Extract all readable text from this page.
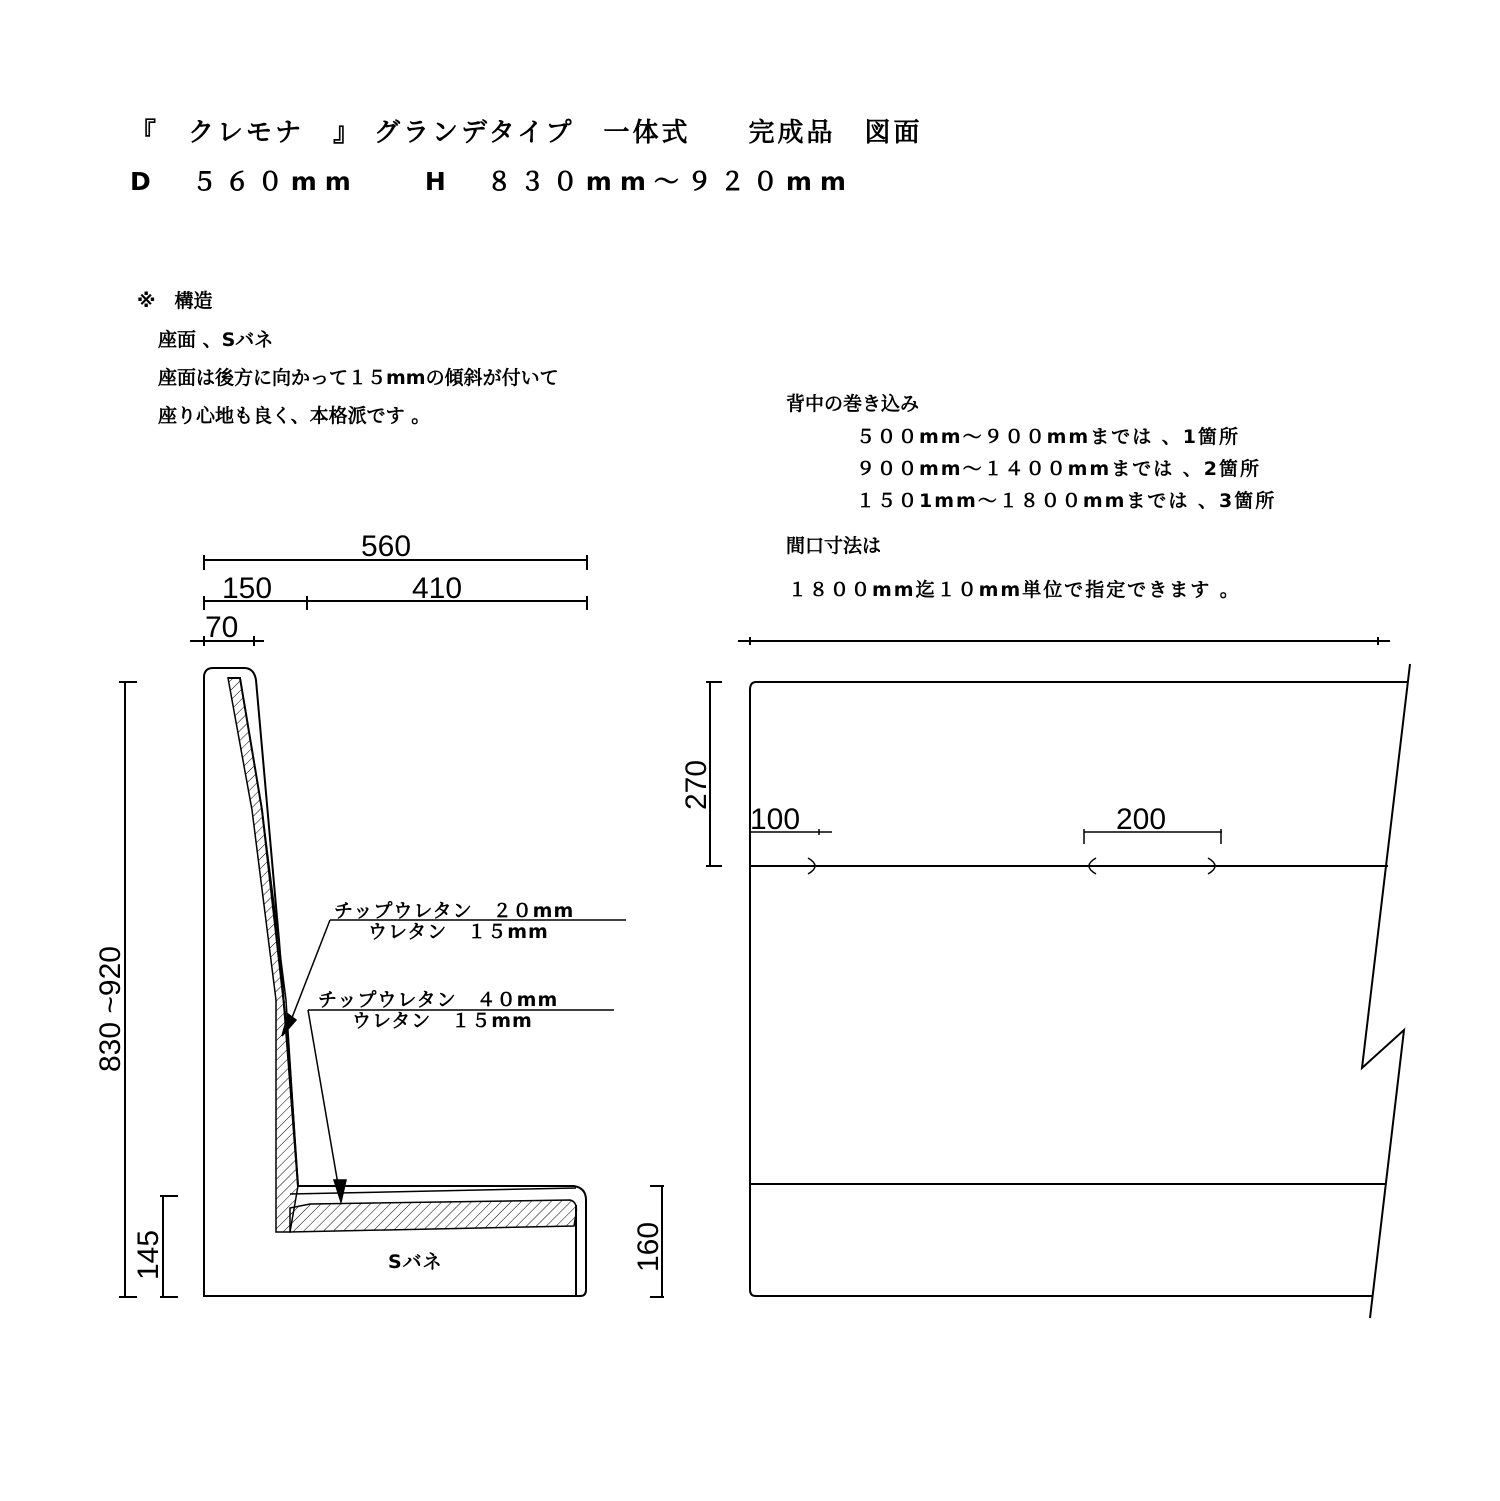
『　クレモナ　』 グランデタイプ　一体式　　完成品　図面
D　５６０mm　　H　８３０mm～９２０mm
※　構造
座面 、Sバネ
座面は後方に向かって１５mmの傾斜が付いて
座り心地も良く、本格派です 。
背中の巻き込み
５００mm～９００mmまでは 、1箇所
９００mm～１４００mmまでは 、2箇所
１５０1mm～１８００mmまでは 、3箇所
間口寸法は
１８００mm迄１０mm単位で指定できます 。
560
150	410
70
830 ~920
145
チップウレタン　２０mm
ウレタン　１５mm
チップウレタン　４０mm
ウレタン　１５mm
Sバネ
270
100	200
160
